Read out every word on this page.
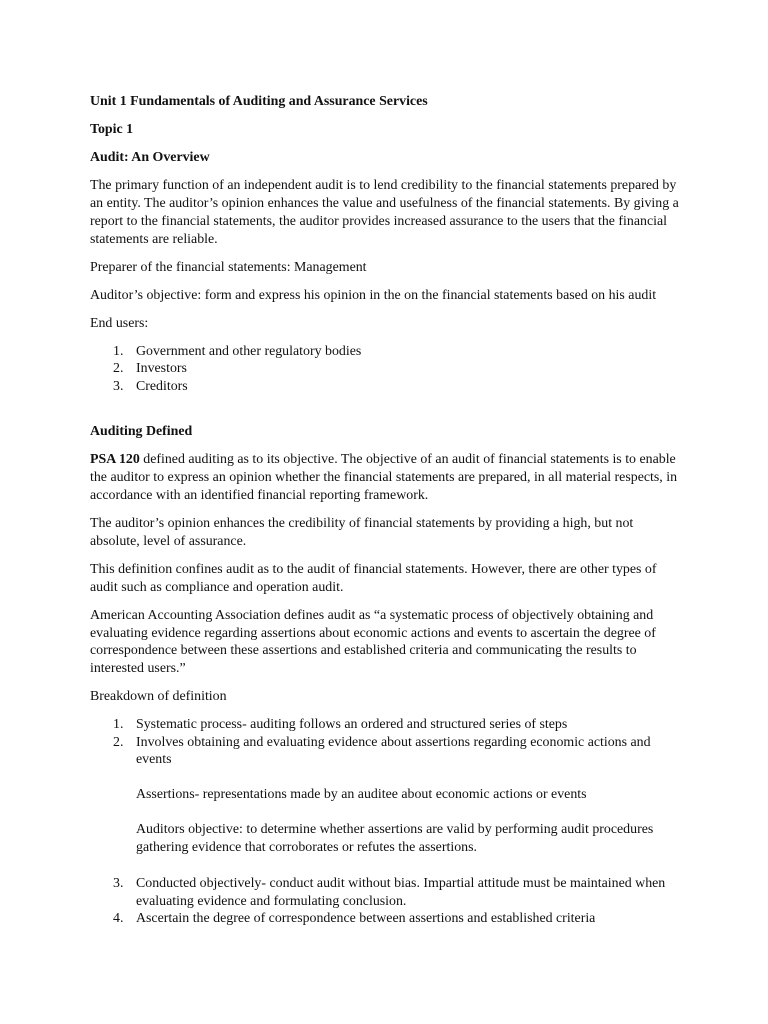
Unit 1 Fundamentals of Auditing and Assurance Services
Topic 1
Audit: An Overview
The primary function of an independent audit is to lend credibility to the financial statements prepared by
an entity. The auditor’s opinion enhances the value and usefulness of the financial statements. By giving a
report to the financial statements, the auditor provides increased assurance to the users that the financial
statements are reliable.
Preparer of the financial statements: Management
Auditor’s objective: form and express his opinion in the on the financial statements based on his audit
End users:
1. Government and other regulatory bodies
2. Investors
3. Creditors
Auditing Defined
PSA 120 defined auditing as to its objective. The objective of an audit of financial statements is to enable
the auditor to express an opinion whether the financial statements are prepared, in all material respects, in
accordance with an identified financial reporting framework.
The auditor’s opinion enhances the credibility of financial statements by providing a high, but not
absolute, level of assurance.
This definition confines audit as to the audit of financial statements. However, there are other types of
audit such as compliance and operation audit.
American Accounting Association defines audit as “a systematic process of objectively obtaining and
evaluating evidence regarding assertions about economic actions and events to ascertain the degree of
correspondence between these assertions and established criteria and communicating the results to
interested users.”
Breakdown of definition
1. Systematic process- auditing follows an ordered and structured series of steps
2. Involves obtaining and evaluating evidence about assertions regarding economic actions and
events
Assertions- representations made by an auditee about economic actions or events
Auditors objective: to determine whether assertions are valid by performing audit procedures
gathering evidence that corroborates or refutes the assertions.
3. Conducted objectively- conduct audit without bias. Impartial attitude must be maintained when
evaluating evidence and formulating conclusion.
4. Ascertain the degree of correspondence between assertions and established criteria
